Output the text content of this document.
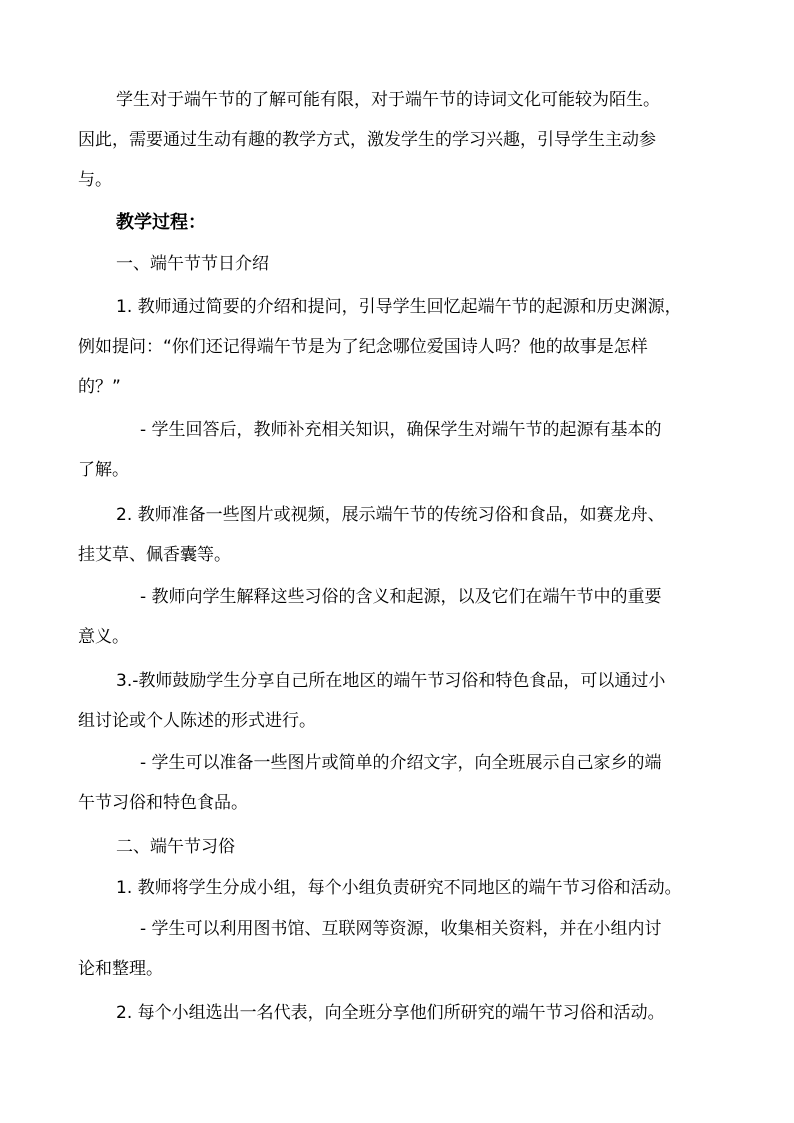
学生对于端午节的了解可能有限，对于端午节的诗词文化可能较为陌生。
因此，需要通过生动有趣的教学方式，激发学生的学习兴趣，引导学生主动参
与。
教学过程：
一、端午节节日介绍
1. 教师通过简要的介绍和提问，引导学生回忆起端午节的起源和历史渊源，
例如提问：“你们还记得端午节是为了纪念哪位爱国诗人吗？他的故事是怎样
的？”
- 学生回答后，教师补充相关知识，确保学生对端午节的起源有基本的
了解。
2. 教师准备一些图片或视频，展示端午节的传统习俗和食品，如赛龙舟、
挂艾草、佩香囊等。
- 教师向学生解释这些习俗的含义和起源，以及它们在端午节中的重要
意义。
3.-教师鼓励学生分享自己所在地区的端午节习俗和特色食品，可以通过小
组讨论或个人陈述的形式进行。
- 学生可以准备一些图片或简单的介绍文字，向全班展示自己家乡的端
午节习俗和特色食品。
二、端午节习俗
1. 教师将学生分成小组，每个小组负责研究不同地区的端午节习俗和活动。
- 学生可以利用图书馆、互联网等资源，收集相关资料，并在小组内讨
论和整理。
2. 每个小组选出一名代表，向全班分享他们所研究的端午节习俗和活动。
